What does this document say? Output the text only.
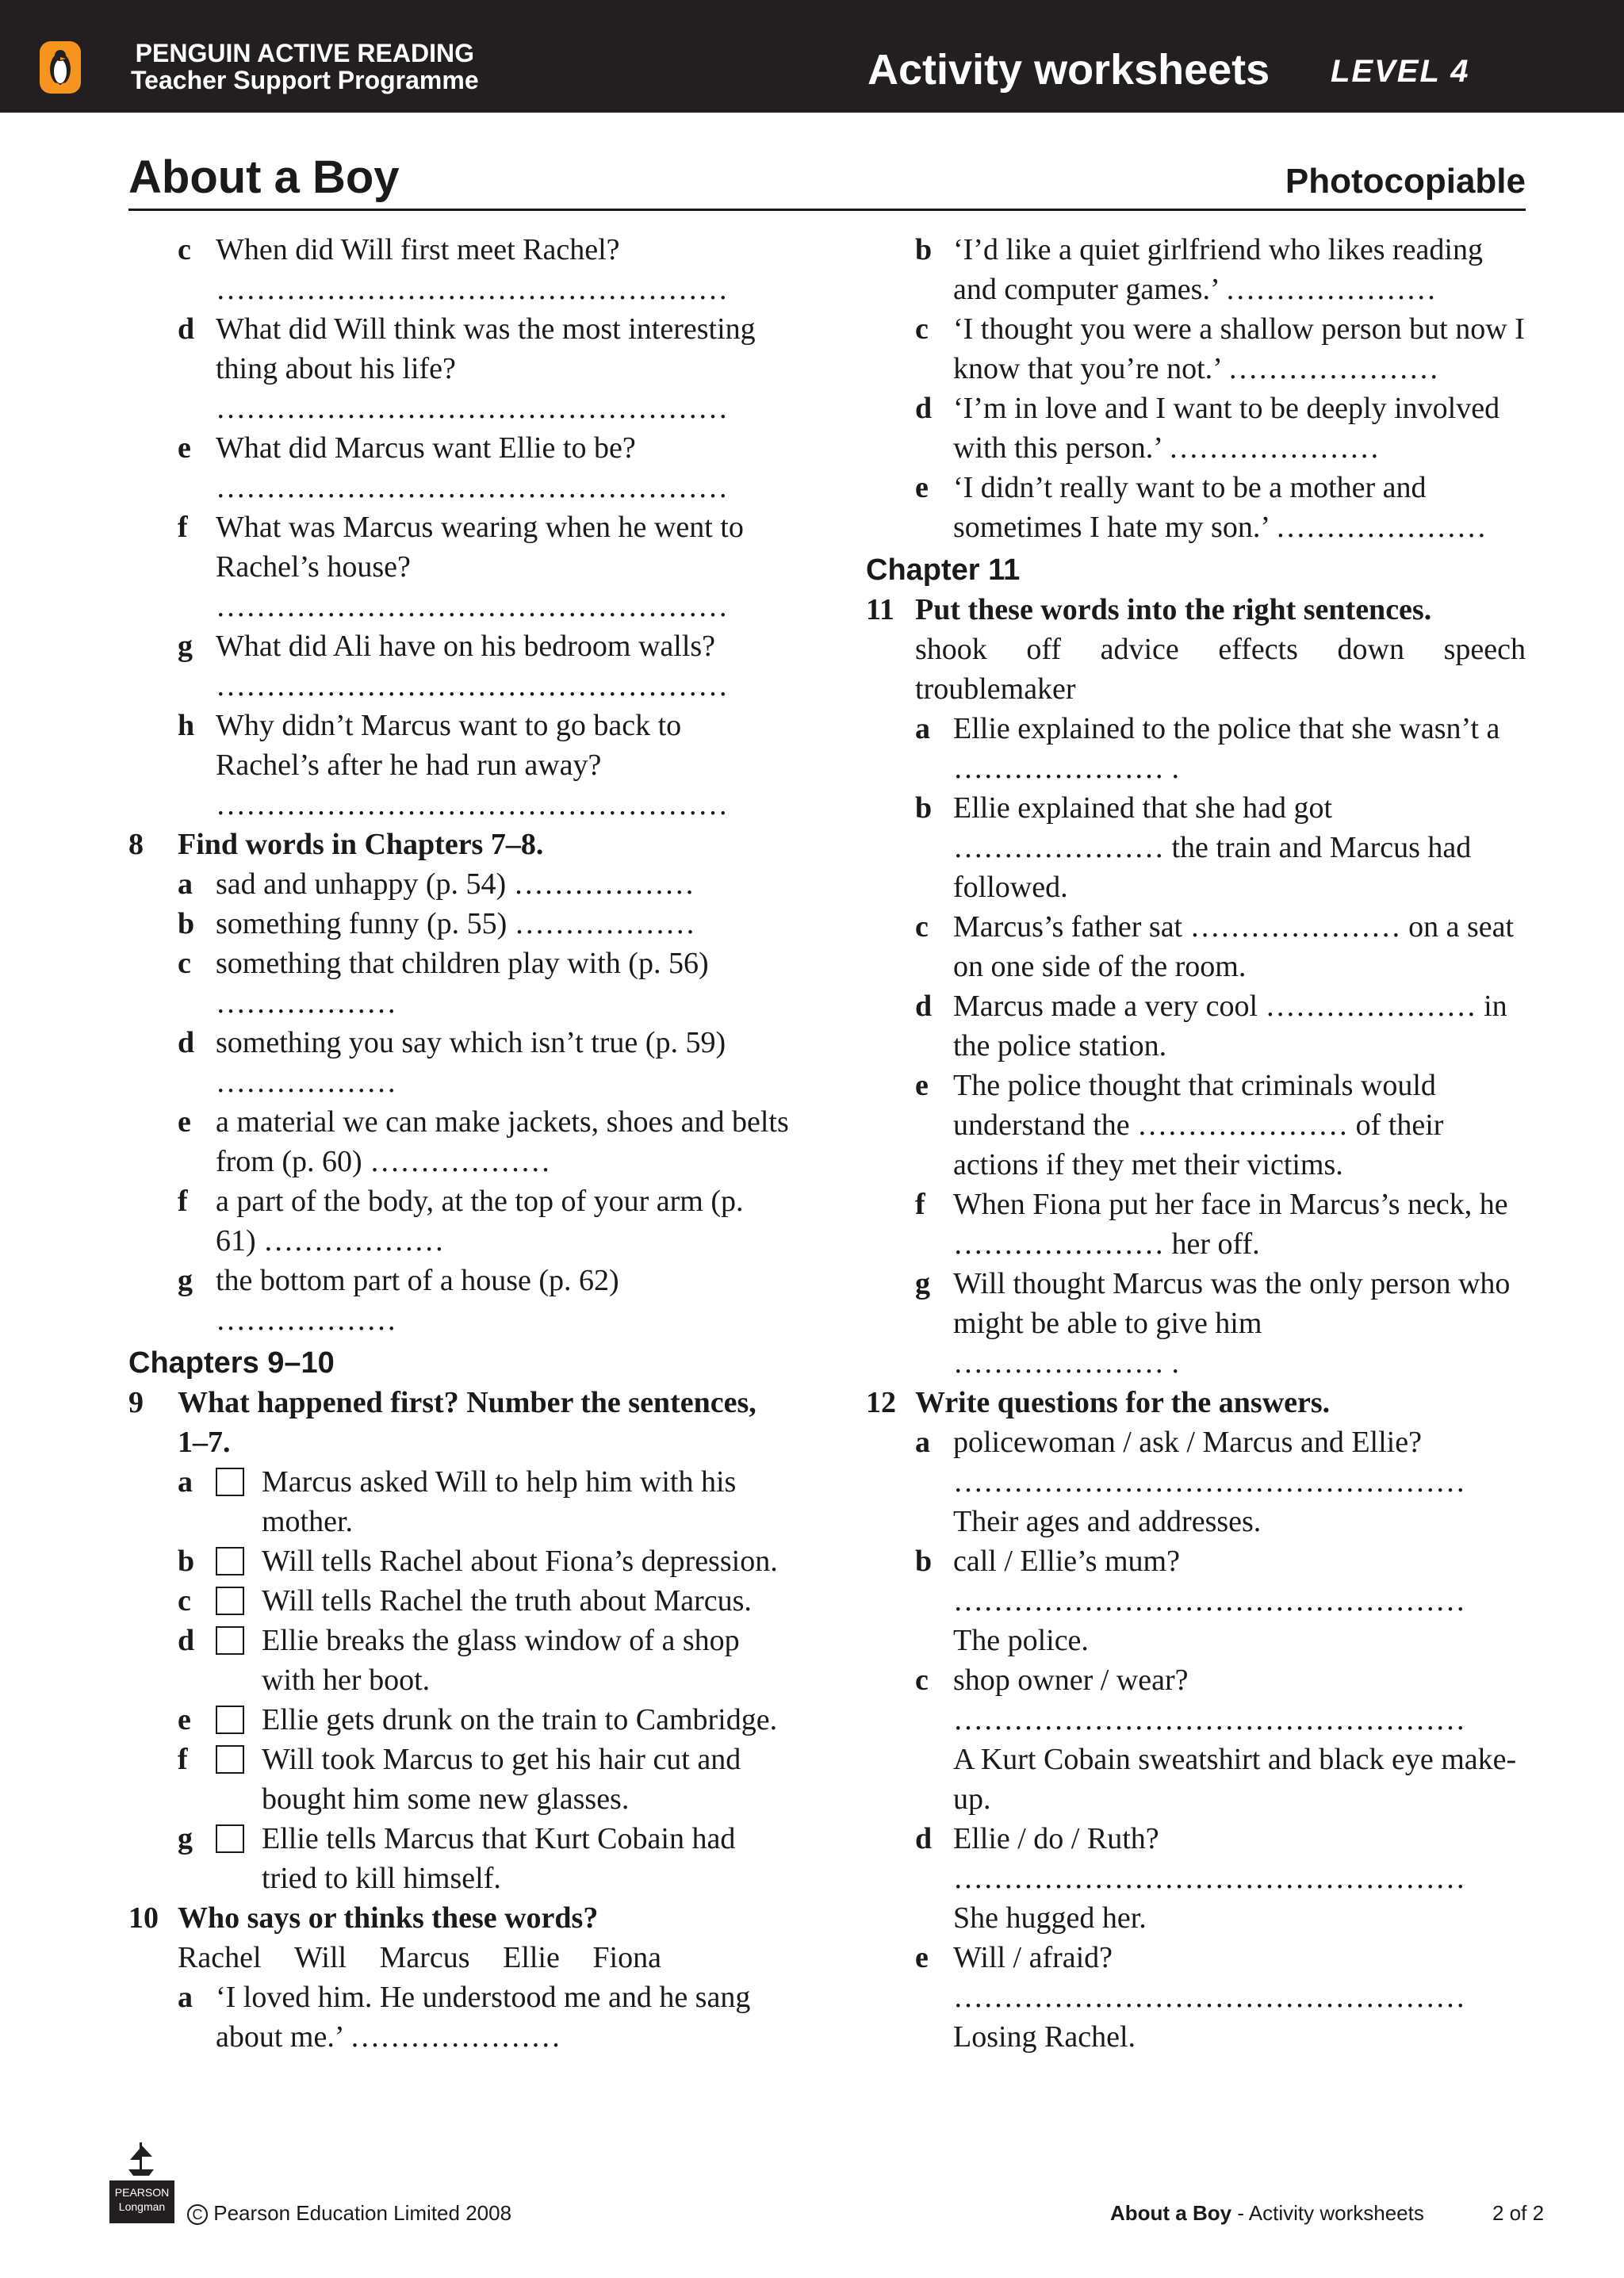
PENGUIN ACTIVE READING
Teacher Support Programme	Activity worksheets LEVEL 4
About a Boy	Photocopiable
c When did Will first meet Rachel?
……………………………………………
d What did Will think was the most interesting thing about his life?
……………………………………………
e What did Marcus want Ellie to be?
……………………………………………
f What was Marcus wearing when he went to Rachel’s house?
……………………………………………
g What did Ali have on his bedroom walls?
……………………………………………
h Why didn’t Marcus want to go back to Rachel’s after he had run away?
……………………………………………
8	Find words in Chapters 7–8.
a sad and unhappy (p. 54) ………………
b something funny (p. 55) ………………
c something that children play with (p. 56)
………………
d something you say which isn’t true (p. 59)
………………
e a material we can make jackets, shoes and belts from (p. 60) ………………
f a part of the body, at the top of your arm (p. 61) ………………
g the bottom part of a house (p. 62)
………………
Chapters 9–10
9	What happened first? Number the sentences, 1–7.
a	Marcus asked Will to help him with his mother.
b	Will tells Rachel about Fiona’s depression.
c	Will tells Rachel the truth about Marcus.
d	Ellie breaks the glass window of a shop with her boot.
e	Ellie gets drunk on the train to Cambridge.
f	Will took Marcus to get his hair cut and bought him some new glasses.
g	Ellie tells Marcus that Kurt Cobain had tried to kill himself.
10 Who says or thinks these words?
Rachel Will Marcus Ellie Fiona
a ‘I loved him. He understood me and he sang about me.’ …………………
b ‘I’d like a quiet girlfriend who likes reading and computer games.’ …………………
c ‘I thought you were a shallow person but now I know that you’re not.’ …………………
d ‘I’m in love and I want to be deeply involved with this person.’ …………………
e ‘I didn’t really want to be a mother and sometimes I hate my son.’ …………………
Chapter 11
11 Put these words into the right sentences.
shook off advice effects down speech
troublemaker
a Ellie explained to the police that she wasn’t a
………………… .
b Ellie explained that she had got
………………… the train and Marcus had followed.
c Marcus’s father sat ………………… on a seat on one side of the room.
d Marcus made a very cool ………………… in the police station.
e The police thought that criminals would understand the ………………… of their actions if they met their victims.
f When Fiona put her face in Marcus’s neck, he ………………… her off.
g Will thought Marcus was the only person who might be able to give him
………………… .
12 Write questions for the answers.
a policewoman / ask / Marcus and Ellie?
……………………………………………
Their ages and addresses.
b call / Ellie’s mum?
……………………………………………
The police.
c shop owner / wear?
……………………………………………
A Kurt Cobain sweatshirt and black eye make-up.
d Ellie / do / Ruth?
……………………………………………
She hugged her.
e Will / afraid?
……………………………………………
Losing Rachel.
PEARSON
Longman
C Pearson Education Limited 2008	About a Boy - Activity worksheets	2 of 2
